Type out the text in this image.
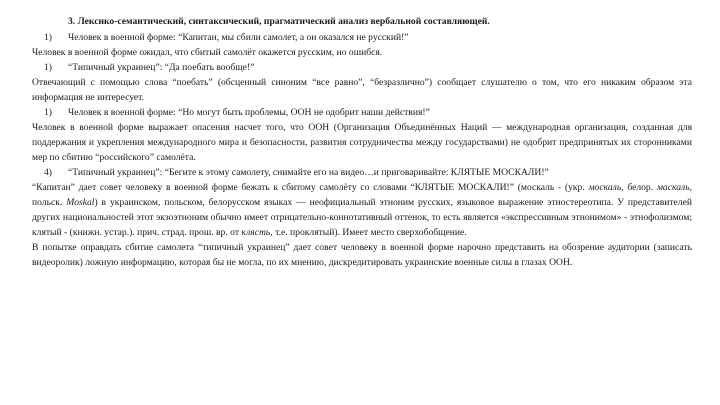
3. Лексико-семантический, синтаксический, прагматический анализ вербальной составляющей.
1) Человек в военной форме: “Капитан, мы сбили самолет, а он оказался не русский!”
Человек в военной форме ожидал, что сбитый самолёт окажется русским, но ошибся.
1) “Типичный украинец”: “Да поебать вообще!”
Отвечающий с помощью слова “поебать” (обсценный синоним “все равно”, “безразлично”) сообщает слушателю о том, что его никаким образом эта информация не интересует.
1) Человек в военной форме: “Но могут быть проблемы, ООН не одобрит наши действия!”
Человек в военной форме выражает опасения насчет того, что ООН (Организация Объединённых Наций — международная организация, созданная для поддержания и укрепления международного мира и безопасности, развития сотрудничества между государствами) не одобрит предпринятых их сторонниками мер по сбитию “российского” самолёта.
4) “Типичный украинец”: “Бегите к этому самолету, снимайте его на видео…и приговаривайте: КЛЯТЫЕ МОСКАЛИ!”
“Капитан” дает совет человеку в военной форме бежать к сбитому самолёту со словами “КЛЯТЫЕ МОСКАЛИ!” (москаль - (укр. москаль, белор. маскаль, польск. Moskal) в украинском, польском, белорусском языках — неофициальный этноним русских, языковое выражение этностереотипа. У представителей других национальностей этот экзоэтноним обычно имеет отрицательно-коннотативный оттенок, то есть является «экспрессивным этнонимом» - этнофолизмом; клятый - (книжн. устар.). прич. страд. прош. вр. от клясть, т.е. проклятый). Имеет место сверхобобщение.
В попытке оправдать сбитие самолета “типичный украинец” дает совет человеку в военной форме нарочно представить на обозрение аудитории (записать видеоролик) ложную информацию, которая бы не могла, по их мнению, дискредитировать украинские военные силы в глазах ООН.
